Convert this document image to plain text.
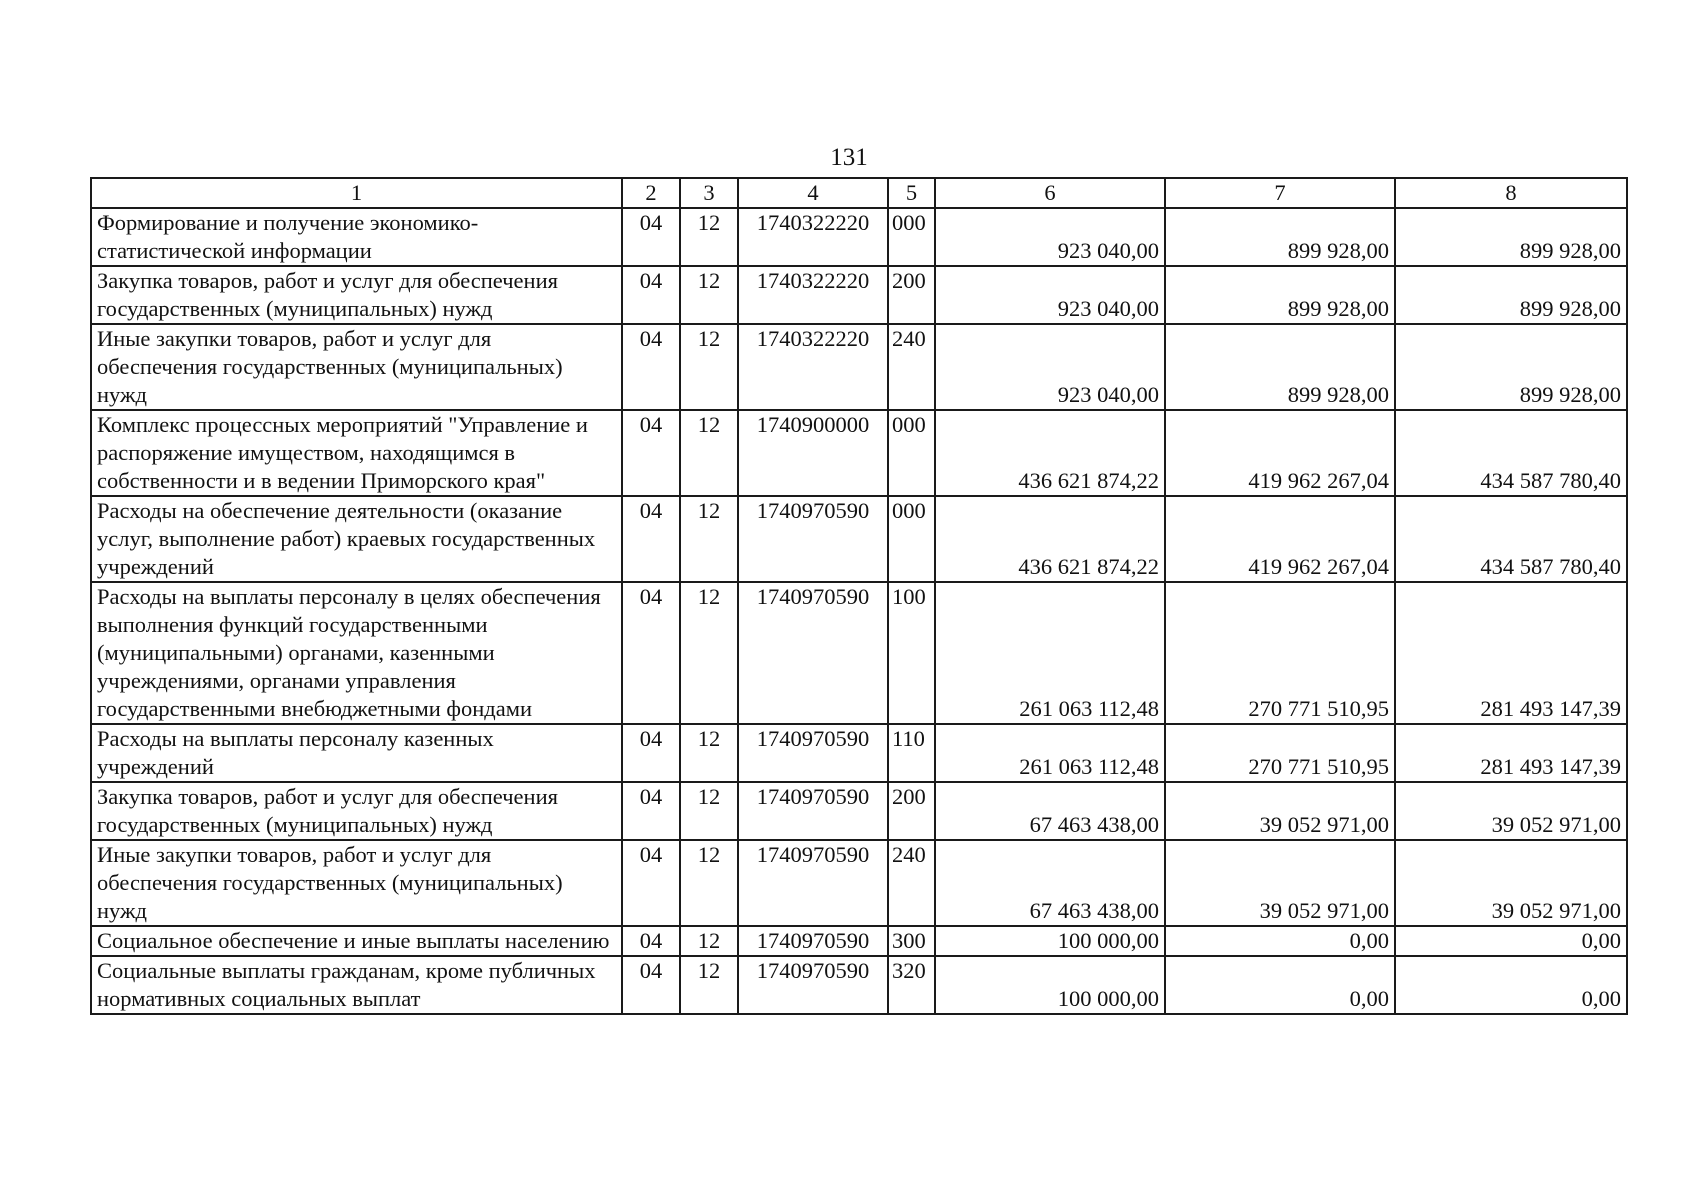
131
1	2	3	4	5	6	7	8
Формирование и получение экономико-статистической информации	04	12	1740322220	000	923 040,00	899 928,00	899 928,00
Закупка товаров, работ и услуг для обеспечения государственных (муниципальных) нужд	04	12	1740322220	200	923 040,00	899 928,00	899 928,00
Иные закупки товаров, работ и услуг для обеспечения государственных (муниципальных) нужд	04	12	1740322220	240	923 040,00	899 928,00	899 928,00
Комплекс процессных мероприятий "Управление и распоряжение имуществом, находящимся в собственности и в ведении Приморского края"	04	12	1740900000	000	436 621 874,22	419 962 267,04	434 587 780,40
Расходы на обеспечение деятельности (оказание услуг, выполнение работ) краевых государственных учреждений	04	12	1740970590	000	436 621 874,22	419 962 267,04	434 587 780,40
Расходы на выплаты персоналу в целях обеспечения выполнения функций государственными (муниципальными) органами, казенными учреждениями, органами управления государственными внебюджетными фондами	04	12	1740970590	100	261 063 112,48	270 771 510,95	281 493 147,39
Расходы на выплаты персоналу казенных учреждений	04	12	1740970590	110	261 063 112,48	270 771 510,95	281 493 147,39
Закупка товаров, работ и услуг для обеспечения государственных (муниципальных) нужд	04	12	1740970590	200	67 463 438,00	39 052 971,00	39 052 971,00
Иные закупки товаров, работ и услуг для обеспечения государственных (муниципальных) нужд	04	12	1740970590	240	67 463 438,00	39 052 971,00	39 052 971,00
Социальное обеспечение и иные выплаты населению	04	12	1740970590	300	100 000,00	0,00	0,00
Социальные выплаты гражданам, кроме публичных нормативных социальных выплат	04	12	1740970590	320	100 000,00	0,00	0,00
